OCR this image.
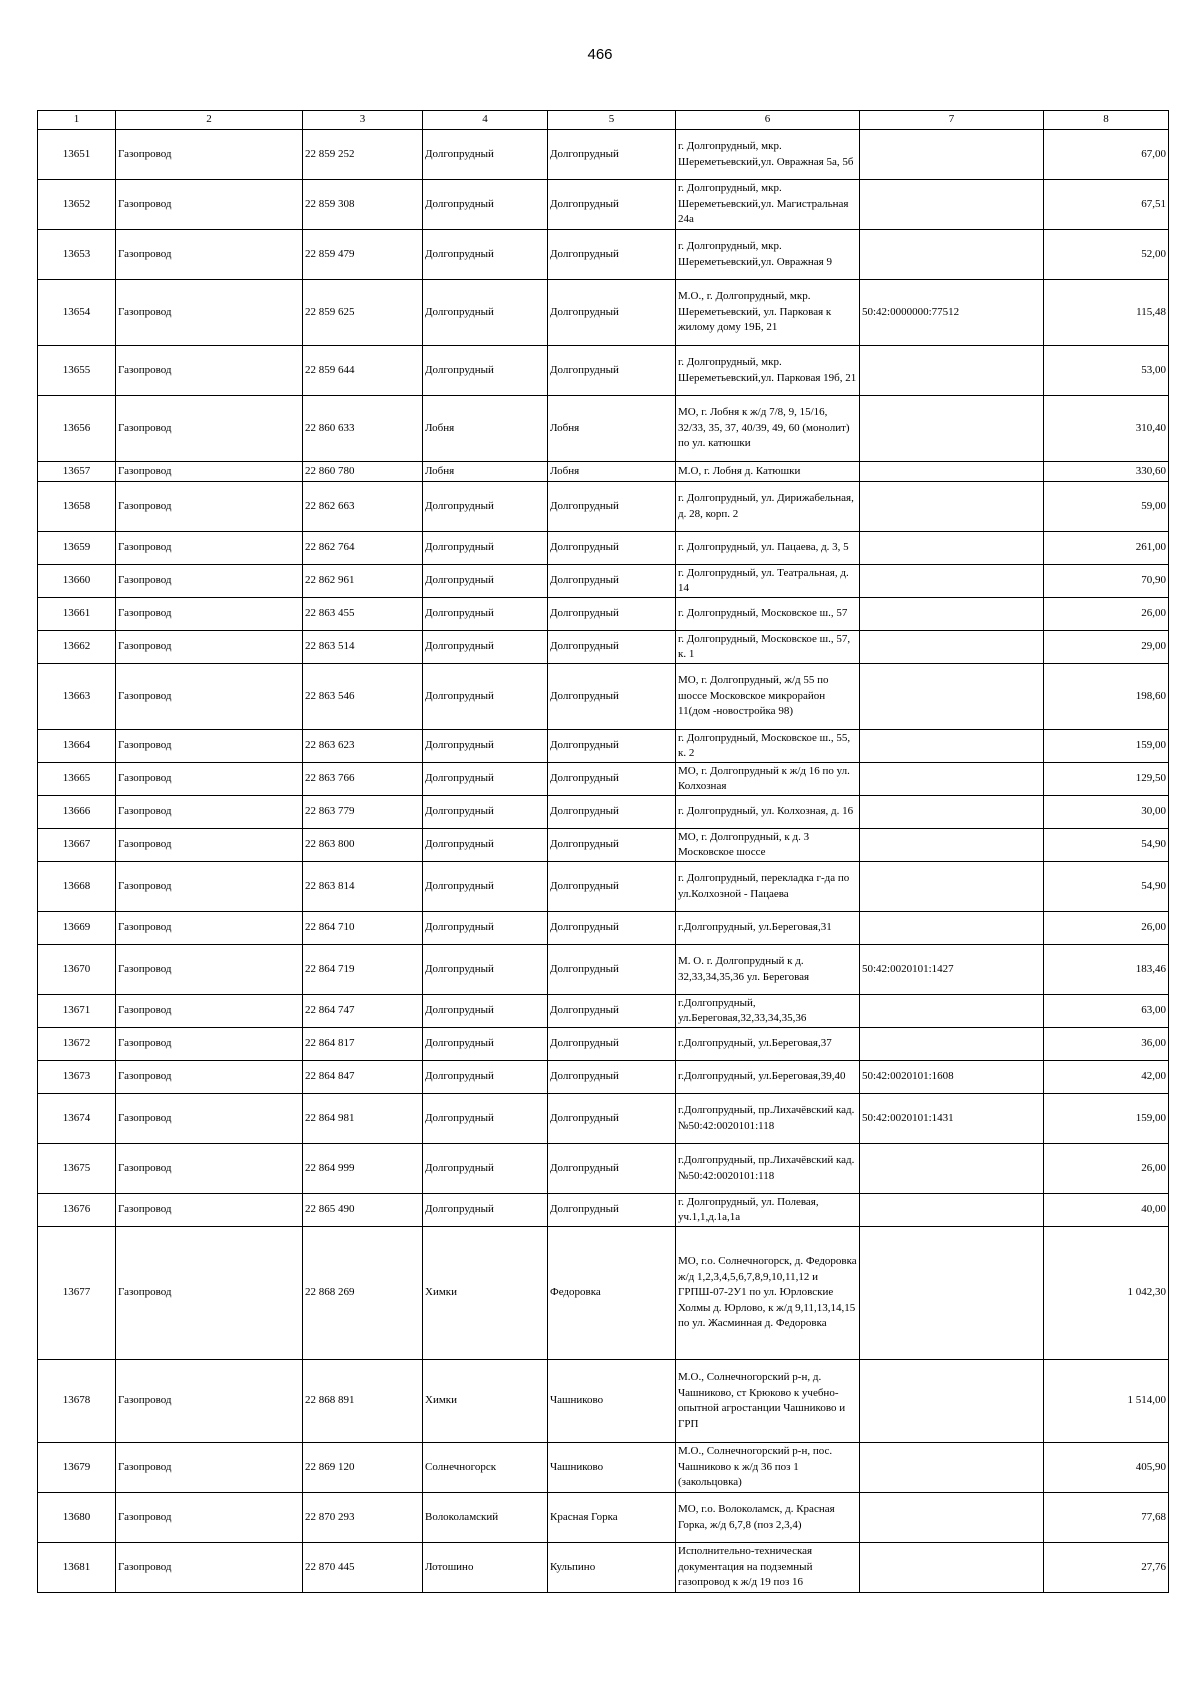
466
1	2	3	4	5	6	7	8
13651	Газопровод	22 859 252	Долгопрудный	Долгопрудный	г. Долгопрудный, мкр. Шереметьевский,ул. Овражная 5а, 5б		67,00
13652	Газопровод	22 859 308	Долгопрудный	Долгопрудный	г. Долгопрудный, мкр. Шереметьевский,ул. Магистральная 24а		67,51
13653	Газопровод	22 859 479	Долгопрудный	Долгопрудный	г. Долгопрудный, мкр. Шереметьевский,ул. Овражная 9		52,00
13654	Газопровод	22 859 625	Долгопрудный	Долгопрудный	М.О., г. Долгопрудный, мкр. Шереметьевский, ул. Парковая к жилому дому 19Б, 21	50:42:0000000:77512	115,48
13655	Газопровод	22 859 644	Долгопрудный	Долгопрудный	г. Долгопрудный, мкр. Шереметьевский,ул. Парковая 19б, 21		53,00
13656	Газопровод	22 860 633	Лобня	Лобня	МО, г. Лобня к ж/д 7/8, 9, 15/16, 32/33, 35, 37, 40/39, 49, 60 (монолит) по ул. катюшки		310,40
13657	Газопровод	22 860 780	Лобня	Лобня	М.О, г. Лобня д. Катюшки		330,60
13658	Газопровод	22 862 663	Долгопрудный	Долгопрудный	г. Долгопрудный, ул. Дирижабельная, д. 28, корп. 2		59,00
13659	Газопровод	22 862 764	Долгопрудный	Долгопрудный	г. Долгопрудный, ул. Пацаева, д. 3, 5		261,00
13660	Газопровод	22 862 961	Долгопрудный	Долгопрудный	г. Долгопрудный, ул. Театральная, д. 14		70,90
13661	Газопровод	22 863 455	Долгопрудный	Долгопрудный	г. Долгопрудный, Московское ш., 57		26,00
13662	Газопровод	22 863 514	Долгопрудный	Долгопрудный	г. Долгопрудный, Московское ш., 57, к. 1		29,00
13663	Газопровод	22 863 546	Долгопрудный	Долгопрудный	МО, г. Долгопрудный, ж/д 55 по шоссе Московское микрорайон 11(дом -новостройка 98)		198,60
13664	Газопровод	22 863 623	Долгопрудный	Долгопрудный	г. Долгопрудный, Московское ш., 55, к. 2		159,00
13665	Газопровод	22 863 766	Долгопрудный	Долгопрудный	МО, г. Долгопрудный к ж/д 16 по ул. Колхозная		129,50
13666	Газопровод	22 863 779	Долгопрудный	Долгопрудный	г. Долгопрудный, ул. Колхозная, д. 16		30,00
13667	Газопровод	22 863 800	Долгопрудный	Долгопрудный	МО, г. Долгопрудный, к д. 3 Московское шоссе		54,90
13668	Газопровод	22 863 814	Долгопрудный	Долгопрудный	г. Долгопрудный, перекладка г-да по ул.Колхозной - Пацаева		54,90
13669	Газопровод	22 864 710	Долгопрудный	Долгопрудный	г.Долгопрудный, ул.Береговая,31		26,00
13670	Газопровод	22 864 719	Долгопрудный	Долгопрудный	М. О. г. Долгопрудный к д. 32,33,34,35,36 ул. Береговая	50:42:0020101:1427	183,46
13671	Газопровод	22 864 747	Долгопрудный	Долгопрудный	г.Долгопрудный, ул.Береговая,32,33,34,35,36		63,00
13672	Газопровод	22 864 817	Долгопрудный	Долгопрудный	г.Долгопрудный, ул.Береговая,37		36,00
13673	Газопровод	22 864 847	Долгопрудный	Долгопрудный	г.Долгопрудный, ул.Береговая,39,40	50:42:0020101:1608	42,00
13674	Газопровод	22 864 981	Долгопрудный	Долгопрудный	г.Долгопрудный, пр.Лихачёвский кад.№50:42:0020101:118	50:42:0020101:1431	159,00
13675	Газопровод	22 864 999	Долгопрудный	Долгопрудный	г.Долгопрудный, пр.Лихачёвский кад.№50:42:0020101:118		26,00
13676	Газопровод	22 865 490	Долгопрудный	Долгопрудный	г. Долгопрудный, ул. Полевая, уч.1,1,д.1а,1а		40,00
13677	Газопровод	22 868 269	Химки	Федоровка	МО, г.о. Солнечногорск, д. Федоровка ж/д 1,2,3,4,5,6,7,8,9,10,11,12 и ГРПШ-07-2У1 по ул. Юрловские Холмы д. Юрлово, к ж/д 9,11,13,14,15 по ул. Жасминная д. Федоровка		1 042,30
13678	Газопровод	22 868 891	Химки	Чашниково	М.О., Солнечногорский р-н, д. Чашниково, ст Крюково к учебно-опытной агростанции Чашниково и ГРП		1 514,00
13679	Газопровод	22 869 120	Солнечногорск	Чашниково	М.О., Солнечногорский р-н, пос. Чашниково к ж/д 36 поз 1 (закольцовка)		405,90
13680	Газопровод	22 870 293	Волоколамский	Красная Горка	МО, г.о. Волоколамск, д. Красная Горка, ж/д 6,7,8 (поз 2,3,4)		77,68
13681	Газопровод	22 870 445	Лотошино	Кульпино	Исполнительно-техническая документация на подземный газопровод к ж/д 19 поз 16		27,76
